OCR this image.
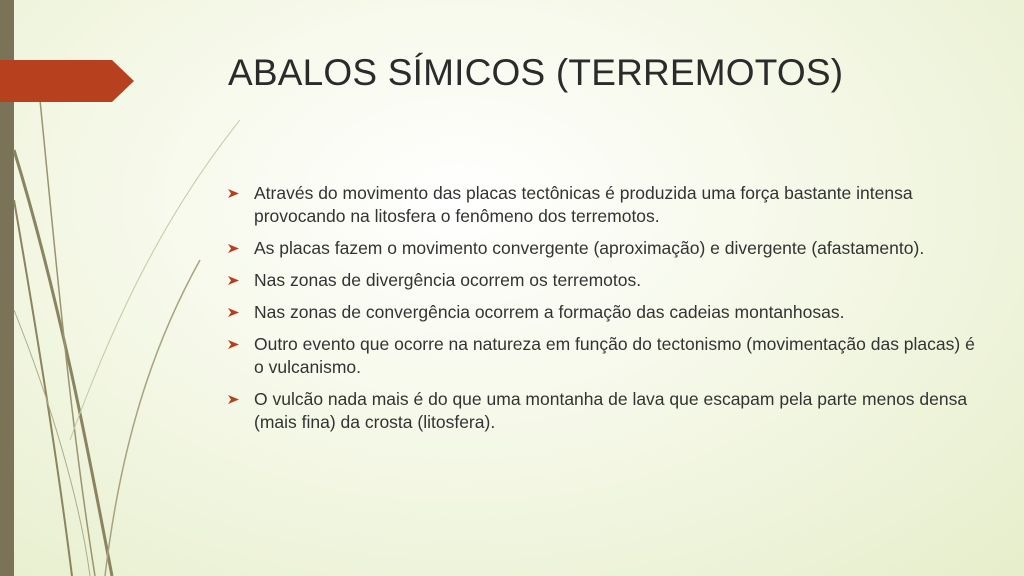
ABALOS SÍMICOS (TERREMOTOS)
Através do movimento das placas tectônicas é produzida uma força bastante intensa provocando na litosfera o fenômeno dos terremotos.
As placas fazem o movimento convergente (aproximação) e divergente (afastamento).
Nas zonas de divergência ocorrem os terremotos.
Nas zonas de convergência ocorrem a formação das cadeias montanhosas.
Outro evento que ocorre na natureza em função do tectonismo (movimentação das placas) é o vulcanismo.
O vulcão nada mais é do que uma montanha de lava que escapam pela parte menos densa (mais fina) da crosta (litosfera).
